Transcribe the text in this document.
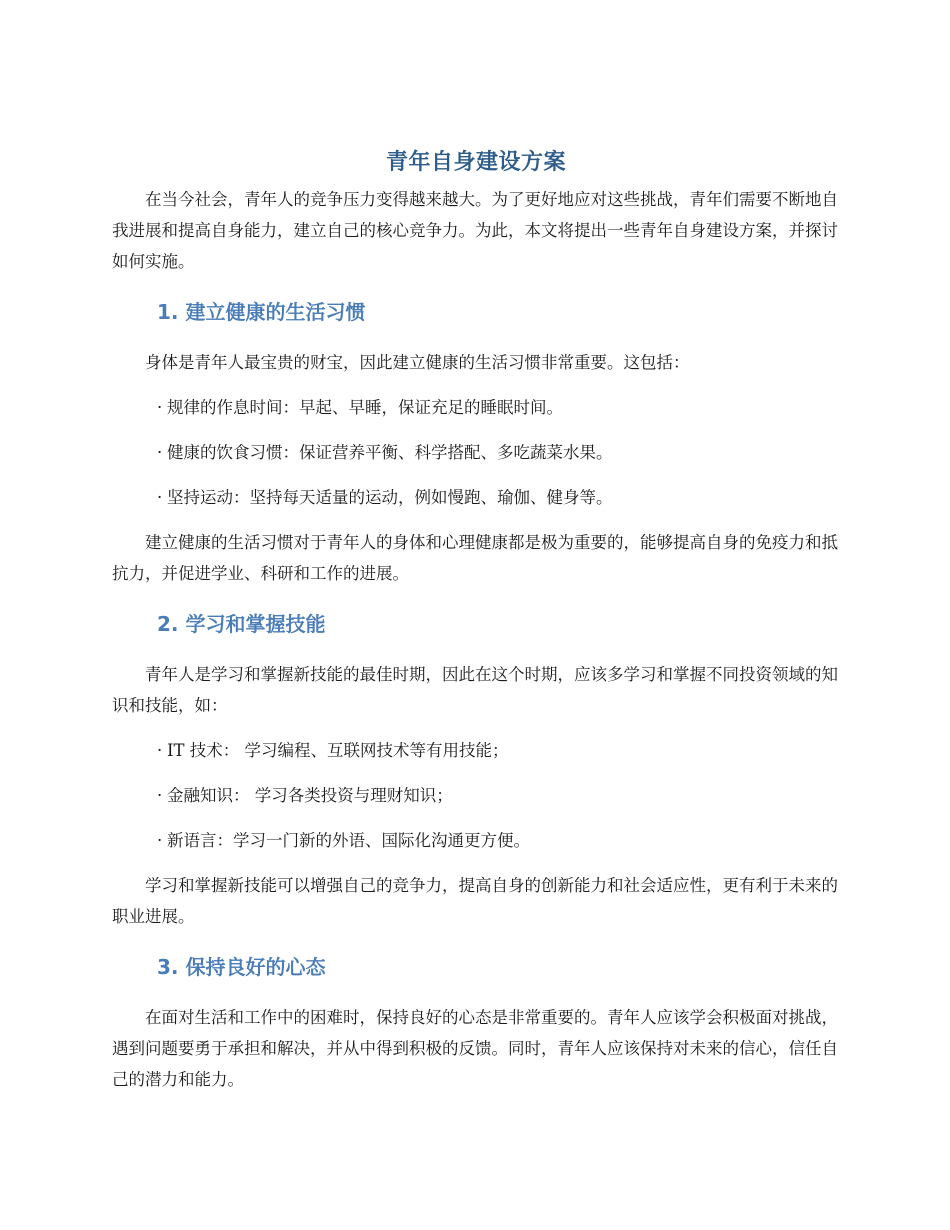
青年自身建设方案

在当今社会，青年人的竞争压力变得越来越大。为了更好地应对这些挑战，青年们需要不断地自我进展和提高自身能力，建立自己的核心竞争力。为此，本文将提出一些青年自身建设方案，并探讨如何实施。

1. 建立健康的生活习惯

身体是青年人最宝贵的财宝，因此建立健康的生活习惯非常重要。这包括：

· 规律的作息时间：早起、早睡，保证充足的睡眠时间。

· 健康的饮食习惯：保证营养平衡、科学搭配、多吃蔬菜水果。

· 坚持运动：坚持每天适量的运动，例如慢跑、瑜伽、健身等。

建立健康的生活习惯对于青年人的身体和心理健康都是极为重要的，能够提高自身的免疫力和抵抗力，并促进学业、科研和工作的进展。

2. 学习和掌握技能

青年人是学习和掌握新技能的最佳时期，因此在这个时期，应该多学习和掌握不同投资领域的知识和技能，如：

· IT 技术： 学习编程、互联网技术等有用技能；

· 金融知识： 学习各类投资与理财知识；

· 新语言：学习一门新的外语、国际化沟通更方便。

学习和掌握新技能可以增强自己的竞争力，提高自身的创新能力和社会适应性，更有利于未来的职业进展。

3. 保持良好的心态

在面对生活和工作中的困难时，保持良好的心态是非常重要的。青年人应该学会积极面对挑战，遇到问题要勇于承担和解决，并从中得到积极的反馈。同时，青年人应该保持对未来的信心，信任自己的潜力和能力。
